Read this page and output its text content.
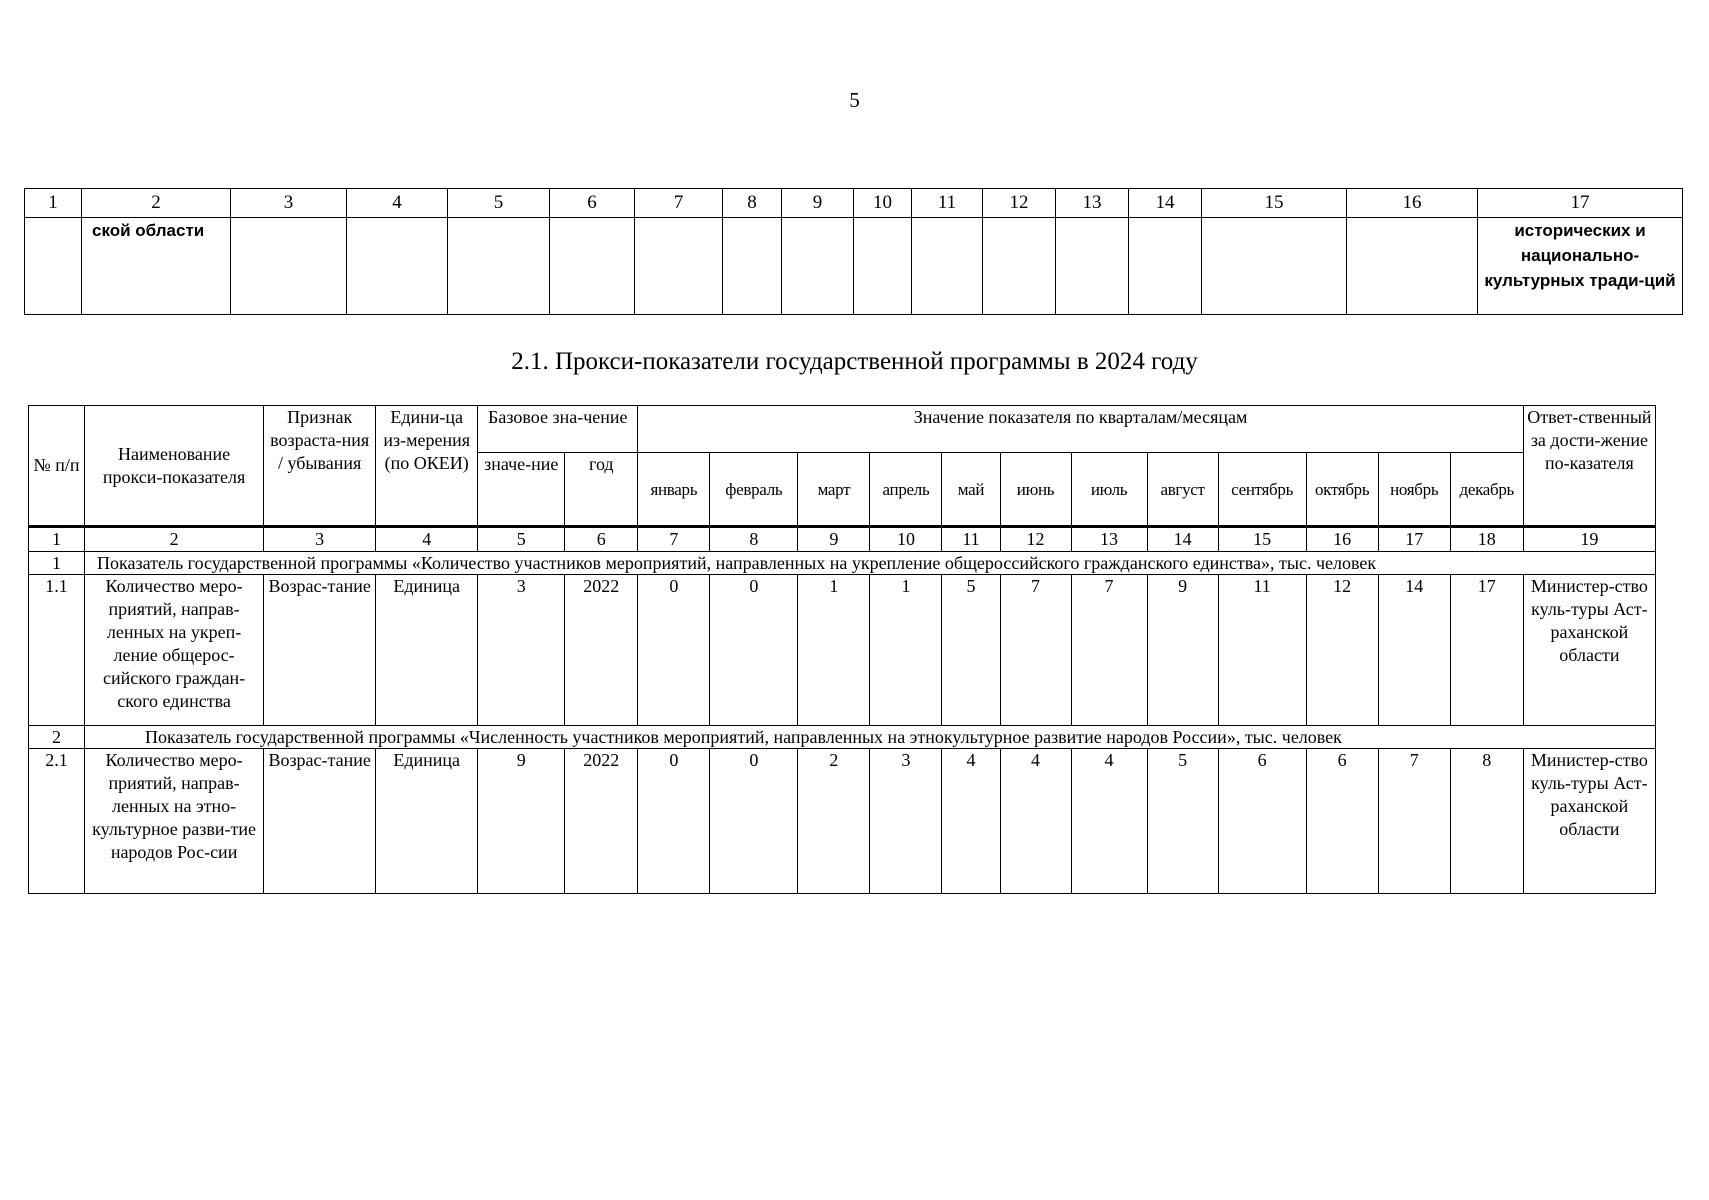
5
1	2	3	4	5	6	7	8	9	10	11	12	13	14	15	16	17
	ской области															исторических и национально-культурных тради-ций
2.1. Прокси-показатели государственной программы в 2024 году
№ п/п	Наименование прокси-показателя	Признак возраста-ния / убывания	Едини-ца из-мерения (по ОКЕИ)	Базовое зна-чение		Значение показателя по кварталам/месяцам												Ответ-ственный за дости-жение по-казателя
				значе-ние	год	январь	февраль	март	апрель	май	июнь	июль	август	сентябрь	октябрь	ноябрь	декабрь	
1	2	3	4	5	6	7	8	9	10	11	12	13	14	15	16	17	18	19
1	Показатель государственной программы «Количество участников мероприятий, направленных на укрепление общероссийского гражданского единства», тыс. человек																	
1.1	Количество меро-приятий, направ-ленных на укреп-ление общерос-сийского граждан-ского единства	Возрас-тание	Единица	3	2022	0	0	1	1	5	7	7	9	11	12	14	17	Министер-ство куль-туры Аст-раханской области
2	Показатель государственной программы «Численность участников мероприятий, направленных на этнокультурное развитие народов России», тыс. человек																	
2.1	Количество меро-приятий, направ-ленных на этно-культурное разви-тие народов Рос-сии	Возрас-тание	Единица	9	2022	0	0	2	3	4	4	4	5	6	6	7	8	Министер-ство куль-туры Аст-раханской области
